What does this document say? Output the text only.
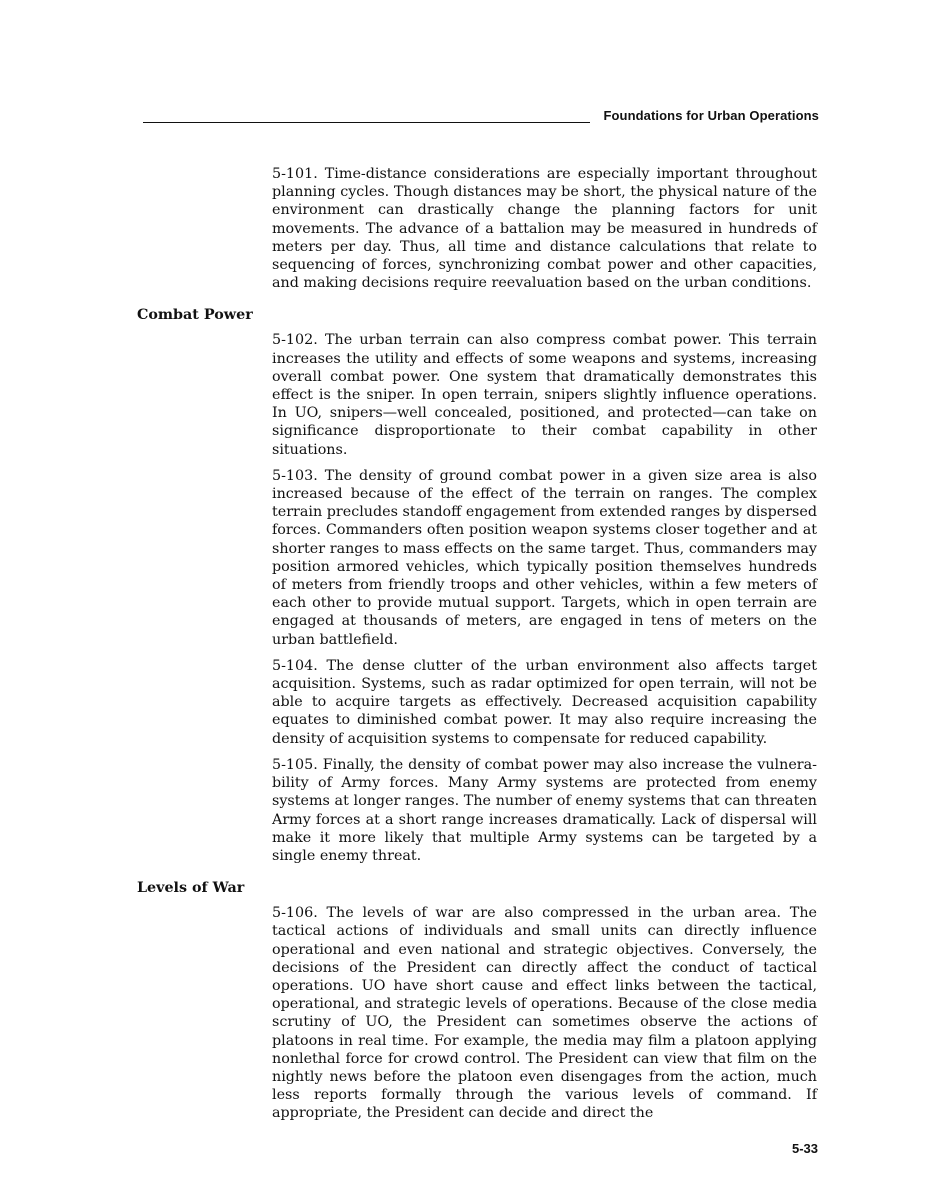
Foundations for Urban Operations

5-101. Time-distance considerations are especially important throughout planning cycles. Though distances may be short, the physical nature of the environment can drastically change the planning factors for unit movements. The advance of a battalion may be measured in hundreds of meters per day. Thus, all time and distance calculations that relate to sequencing of forces, synchronizing combat power and other capacities, and making decisions require reevaluation based on the urban conditions.

Combat Power

5-102. The urban terrain can also compress combat power. This terrain increases the utility and effects of some weapons and systems, increasing overall combat power. One system that dramatically demonstrates this effect is the sniper. In open terrain, snipers slightly influence operations. In UO, snipers—well concealed, positioned, and protected—can take on significance disproportionate to their combat capability in other situations.

5-103. The density of ground combat power in a given size area is also increased because of the effect of the terrain on ranges. The complex terrain precludes standoff engagement from extended ranges by dispersed forces. Commanders often position weapon systems closer together and at shorter ranges to mass effects on the same target. Thus, commanders may position armored vehicles, which typically position themselves hundreds of meters from friendly troops and other vehicles, within a few meters of each other to provide mutual support. Targets, which in open terrain are engaged at thousands of meters, are engaged in tens of meters on the urban battlefield.

5-104. The dense clutter of the urban environment also affects target acquisition. Systems, such as radar optimized for open terrain, will not be able to acquire targets as effectively. Decreased acquisition capability equates to diminished combat power. It may also require increasing the density of acquisition systems to compensate for reduced capability.

5-105. Finally, the density of combat power may also increase the vulnerability of Army forces. Many Army systems are protected from enemy systems at longer ranges. The number of enemy systems that can threaten Army forces at a short range increases dramatically. Lack of dispersal will make it more likely that multiple Army systems can be targeted by a single enemy threat.

Levels of War

5-106. The levels of war are also compressed in the urban area. The tactical actions of individuals and small units can directly influence operational and even national and strategic objectives. Conversely, the decisions of the President can directly affect the conduct of tactical operations. UO have short cause and effect links between the tactical, operational, and strategic levels of operations. Because of the close media scrutiny of UO, the President can sometimes observe the actions of platoons in real time. For example, the media may film a platoon applying nonlethal force for crowd control. The President can view that film on the nightly news before the platoon even disengages from the action, much less reports formally through the various levels of command. If appropriate, the President can decide and direct the

5-33
